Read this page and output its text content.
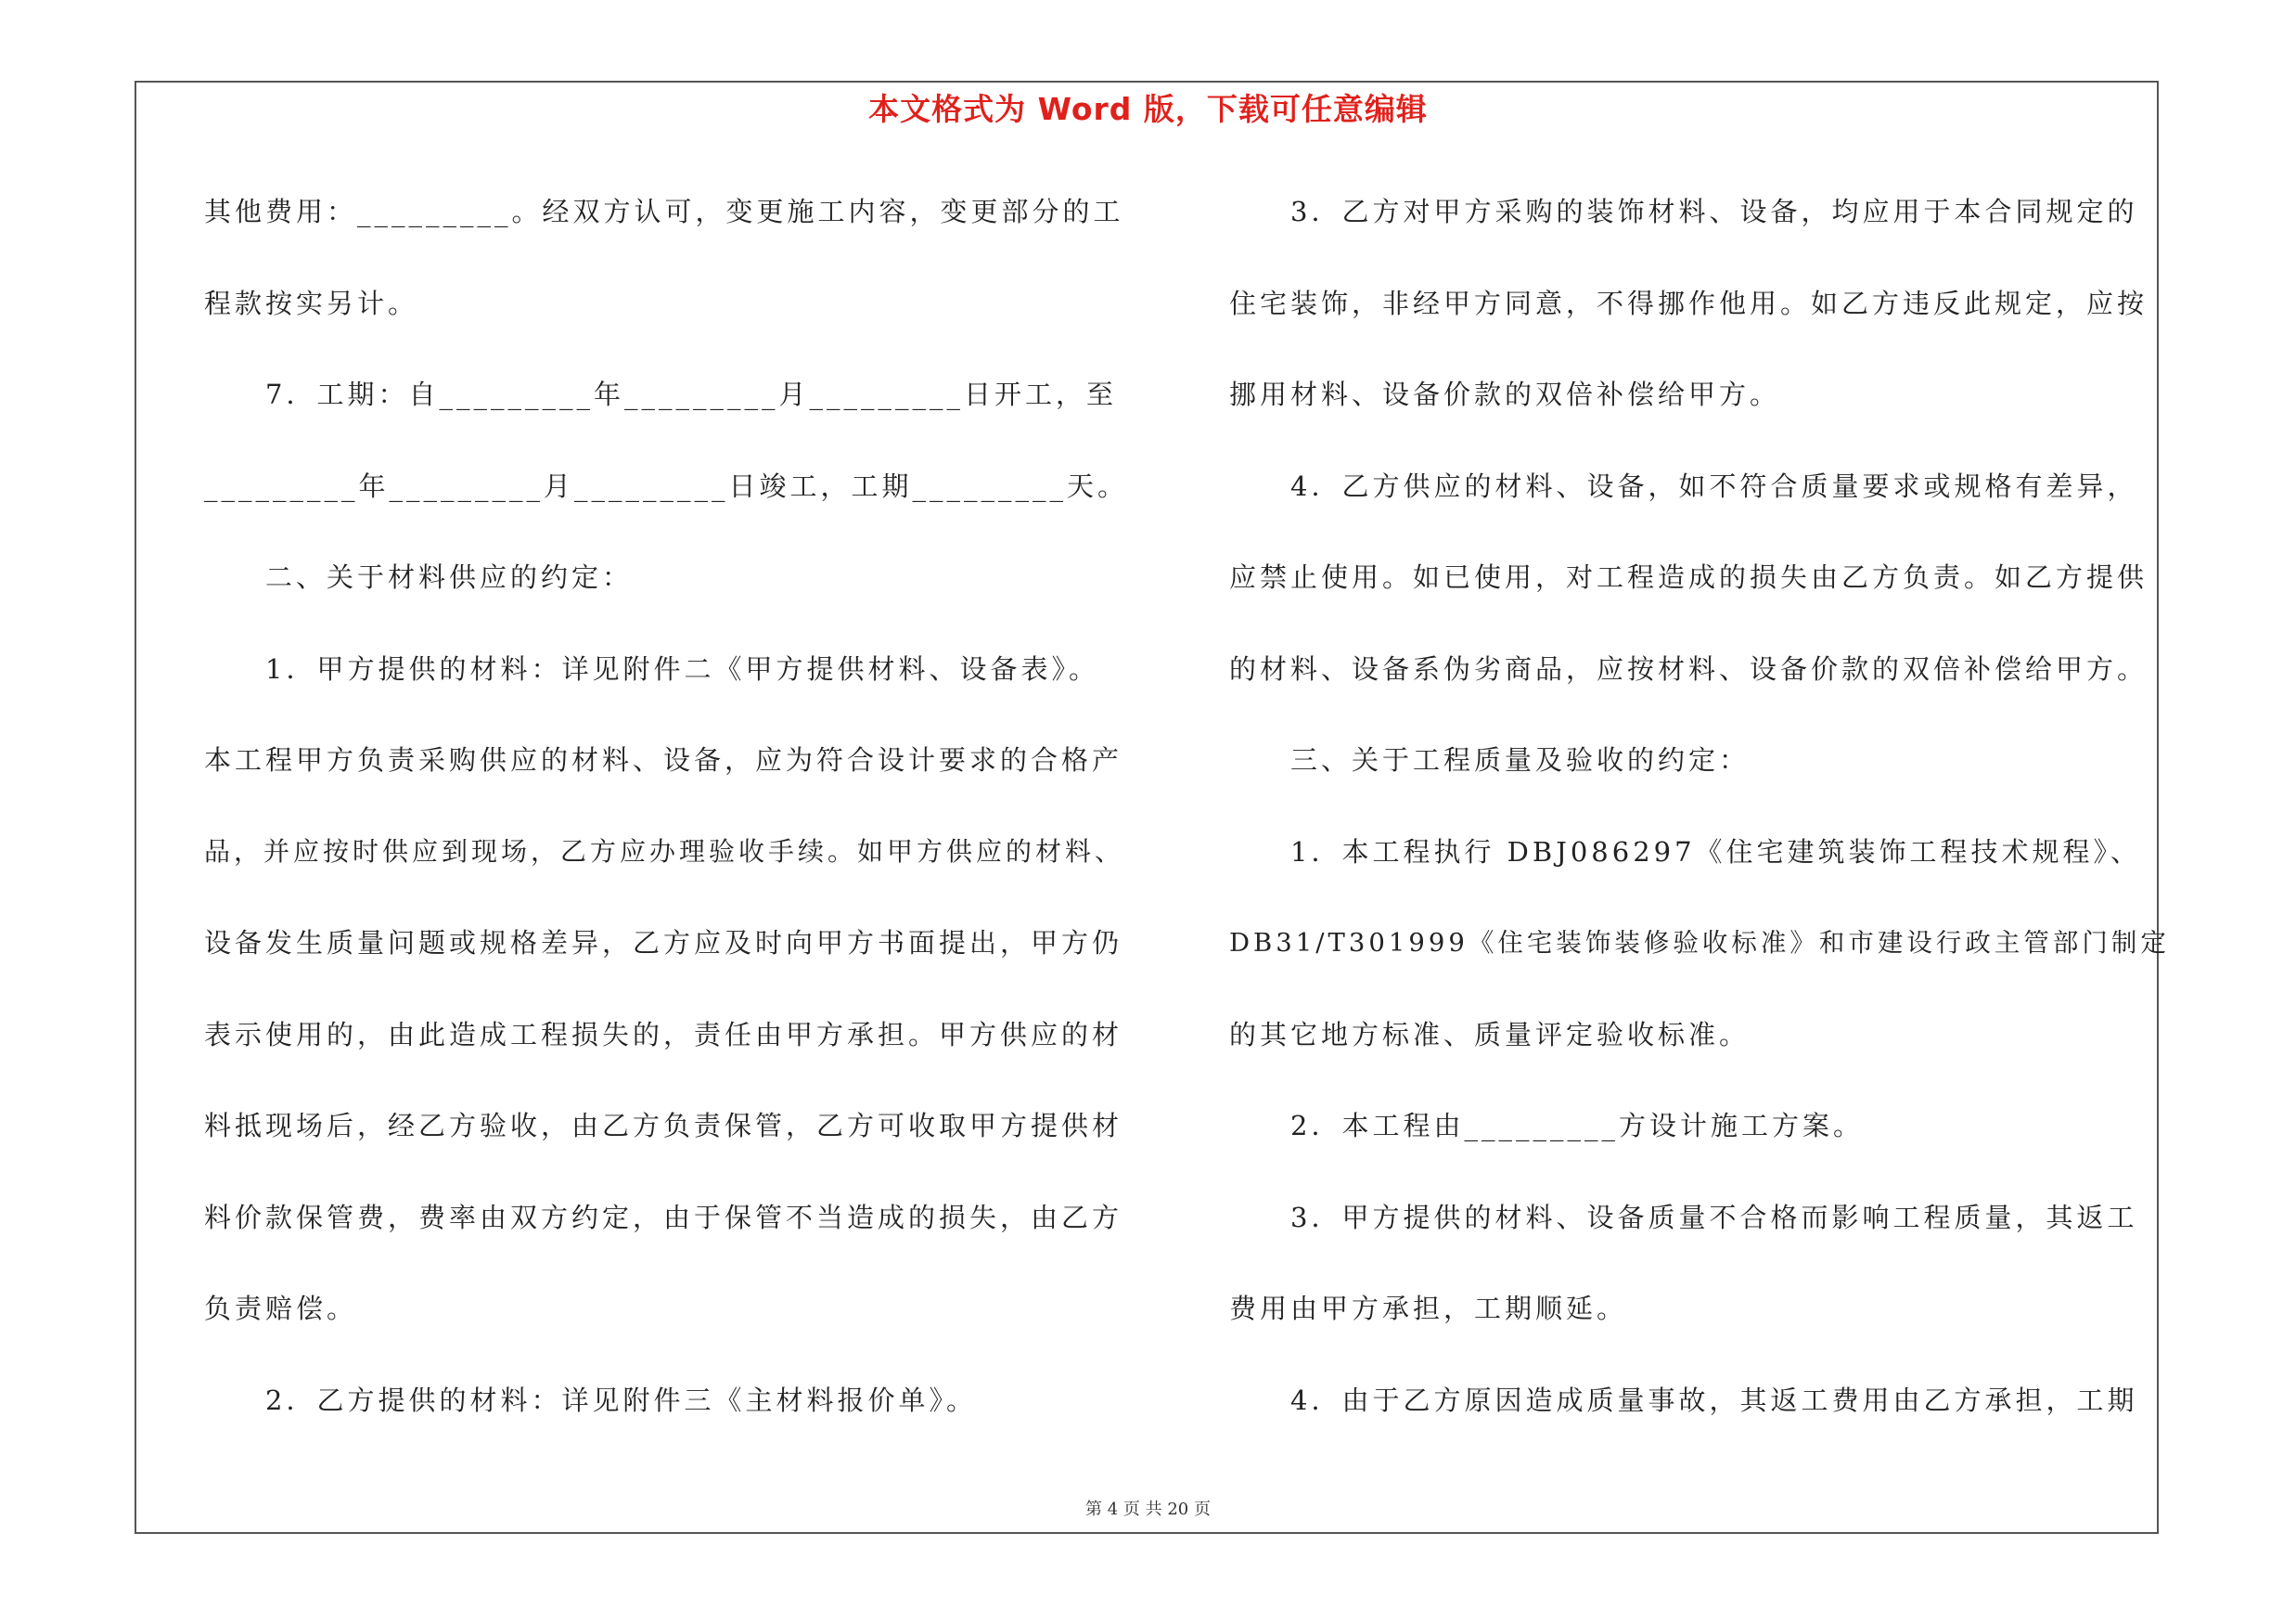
本文格式为 Word 版，下载可任意编辑
其他费用：_________。经双方认可，变更施工内容，变更部分的工
程款按实另计。
　　7．工期：自_________年_________月_________日开工，至
_________年_________月_________日竣工，工期_________天。
　　二、关于材料供应的约定：
　　1．甲方提供的材料：详见附件二《甲方提供材料、设备表》。
本工程甲方负责采购供应的材料、设备，应为符合设计要求的合格产
品，并应按时供应到现场，乙方应办理验收手续。如甲方供应的材料、
设备发生质量问题或规格差异，乙方应及时向甲方书面提出，甲方仍
表示使用的，由此造成工程损失的，责任由甲方承担。甲方供应的材
料抵现场后，经乙方验收，由乙方负责保管，乙方可收取甲方提供材
料价款保管费，费率由双方约定，由于保管不当造成的损失，由乙方
负责赔偿。
　　2．乙方提供的材料：详见附件三《主材料报价单》。
　　3．乙方对甲方采购的装饰材料、设备，均应用于本合同规定的
住宅装饰，非经甲方同意，不得挪作他用。如乙方违反此规定，应按
挪用材料、设备价款的双倍补偿给甲方。
　　4．乙方供应的材料、设备，如不符合质量要求或规格有差异，
应禁止使用。如已使用，对工程造成的损失由乙方负责。如乙方提供
的材料、设备系伪劣商品，应按材料、设备价款的双倍补偿给甲方。
　　三、关于工程质量及验收的约定：
　　1．本工程执行 DBJ086297《住宅建筑装饰工程技术规程》、
DB31/T301999《住宅装饰装修验收标准》和市建设行政主管部门制定
的其它地方标准、质量评定验收标准。
　　2．本工程由_________方设计施工方案。
　　3．甲方提供的材料、设备质量不合格而影响工程质量，其返工
费用由甲方承担，工期顺延。
　　4．由于乙方原因造成质量事故，其返工费用由乙方承担，工期
第 4 页 共 20 页
